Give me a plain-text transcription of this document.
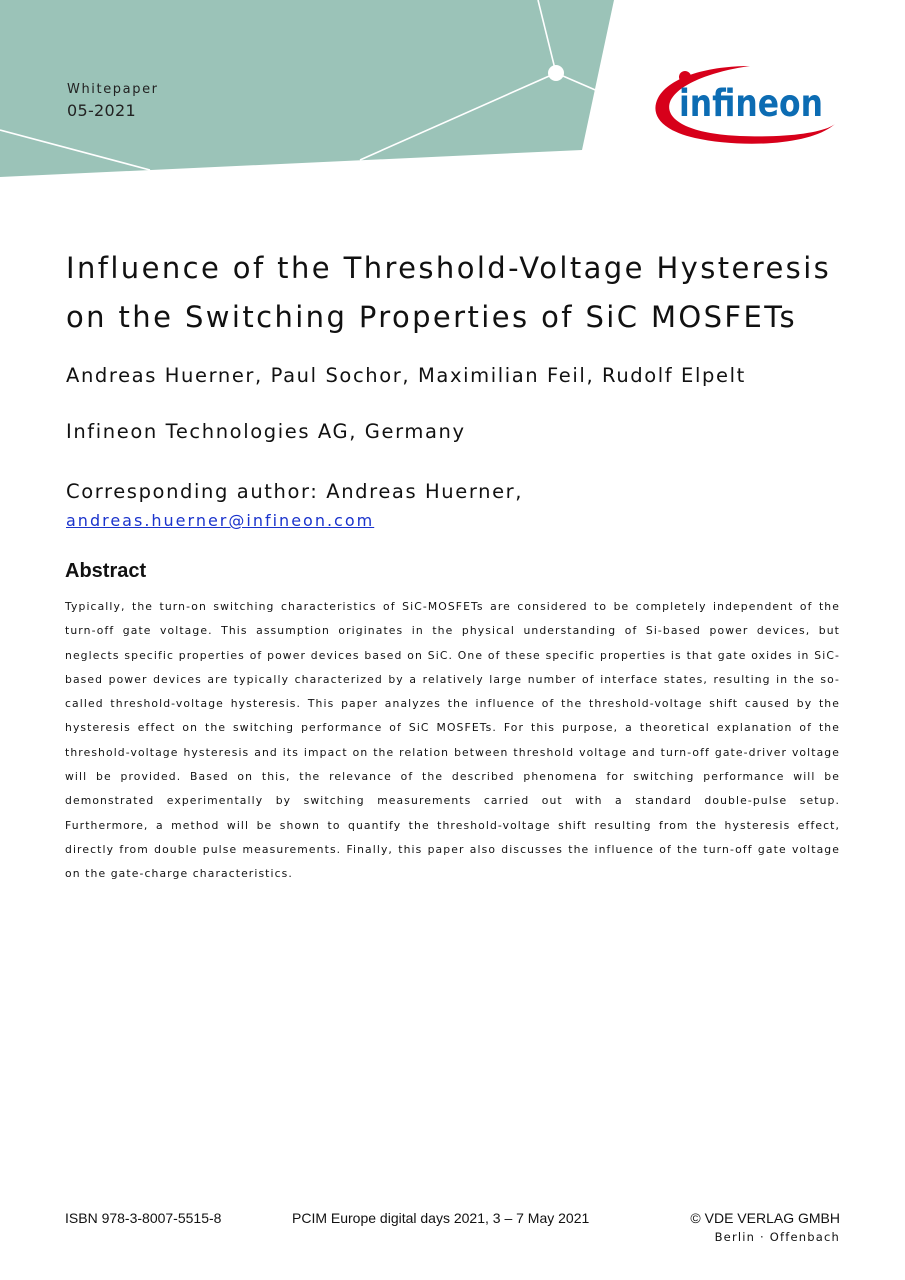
Whitepaper
05-2021	infineon
Influence of the Threshold-Voltage Hysteresis on the Switching Properties of SiC MOSFETs
Andreas Huerner, Paul Sochor, Maximilian Feil, Rudolf Elpelt
Infineon Technologies AG, Germany
Corresponding author: Andreas Huerner,
andreas.huerner@infineon.com
Abstract

Typically, the turn-on switching characteristics of SiC-MOSFETs are considered to be completely independent of the turn-off gate voltage. This assumption originates in the physical understanding of Si-based power devices, but neglects specific properties of power devices based on SiC. One of these specific properties is that gate oxides in SiC-based power devices are typically characterized by a relatively large number of interface states, resulting in the so-called threshold-voltage hysteresis. This paper analyzes the influence of the threshold-voltage shift caused by the hysteresis effect on the switching performance of SiC MOSFETs. For this purpose, a theoretical explanation of the threshold-voltage hysteresis and its impact on the relation between threshold voltage and turn-off gate-driver voltage will be provided. Based on this, the relevance of the described phenomena for switching performance will be demonstrated experimentally by switching measurements carried out with a standard double-pulse setup. Furthermore, a method will be shown to quantify the threshold-voltage shift resulting from the hysteresis effect, directly from double pulse measurements. Finally, this paper also discusses the influence of the turn-off gate voltage on the gate-charge characteristics.

ISBN 978-3-8007-5515-8	PCIM Europe digital days 2021, 3 – 7 May 2021	© VDE VERLAG GMBH
Berlin · Offenbach
